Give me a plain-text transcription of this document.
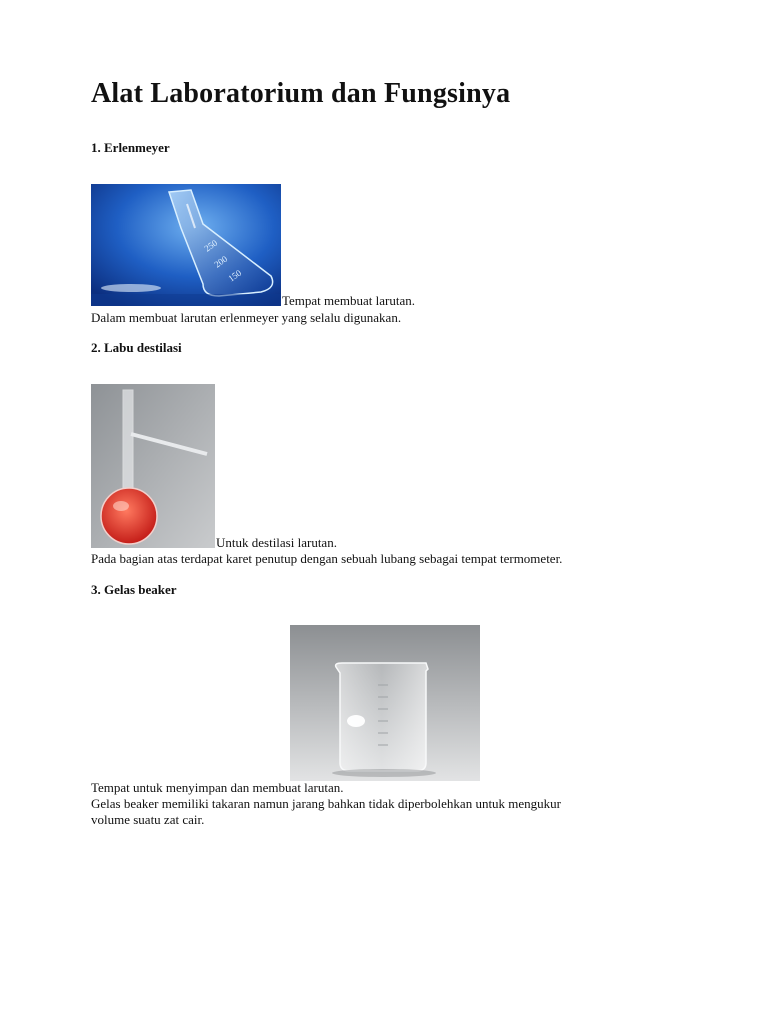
Alat Laboratorium dan Fungsinya

1. Erlenmeyer

250
200
150
Tempat membuat larutan.

Dalam membuat larutan erlenmeyer yang selalu digunakan.

2. Labu destilasi

Untuk destilasi larutan.

Pada bagian atas terdapat karet penutup dengan sebuah lubang sebagai tempat termometer.

3. Gelas beaker

Tempat untuk menyimpan dan membuat larutan.

Gelas beaker memiliki takaran namun jarang bahkan tidak diperbolehkan untuk mengukur

volume suatu zat cair.
